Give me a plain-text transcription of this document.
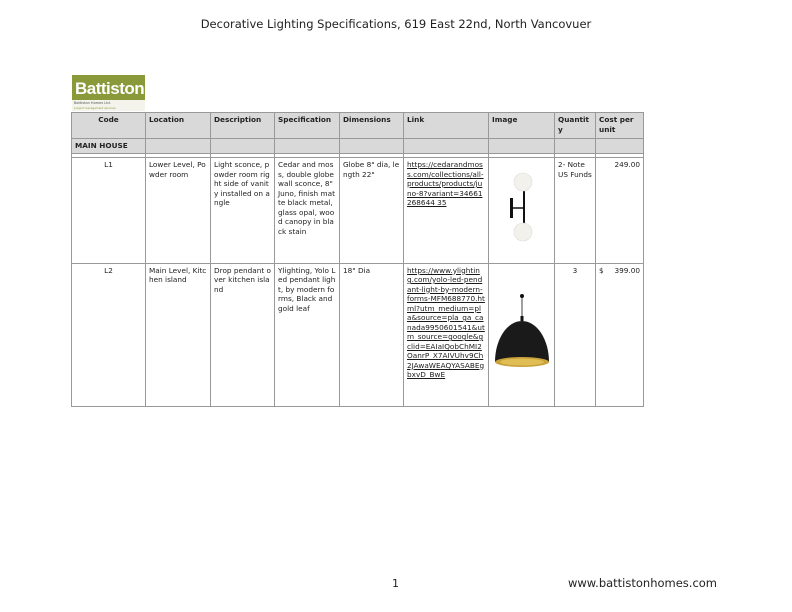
Decorative Lighting Specifications, 619 East 22nd, North Vancovuer
Battiston
Battiston Homes Ltd.
project management services
Code	Location	Description	Specification	Dimensions	Link	Image	Quantity	Cost per unit
MAIN HOUSE								

L1	Lower Level, Powder room	Light sconce, powder room right side of vanity installed on angle	Cedar and moss, double globe wall sconce, 8" Juno, finish matte black metal, glass opal, wood canopy in black stain	Globe 8" dia, length 22"	https://cedarandmoss.com/collections/all-products/products/juno-8?variant=34661268644 35		2- Note US Funds	249.00

L2	Main Level, Kitchen island	Drop pendant over kitchen island	Ylighting, Yolo Led pendant light, by modern forms, Black and gold leaf	18" Dia	https://www.ylighting.com/yolo-led-pendant-light-by-modern-forms-MFM688770.html?utm_medium=pla&source=pla_ga_canada9950601541&utm_source=google&gclid=EAIaIQobChMI2OanrP_X7AIVUhv9Ch2JAwaWEAQYASABEgbxvD_BwE		3	$ 399.00
1	www.battistonhomes.com
